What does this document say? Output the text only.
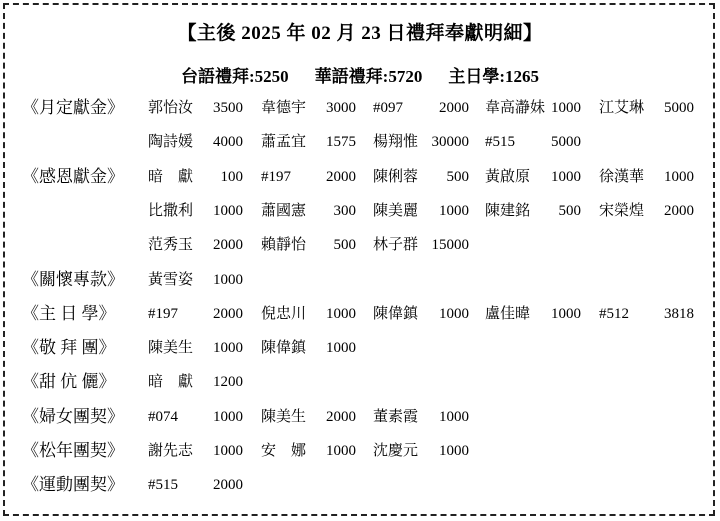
【主後 2025 年 02 月 23 日禮拜奉獻明細】
台語禮拜:5250 華語禮拜:5720 主日學:1265
《月定獻金》 郭怡汝	3500 韋德宇	3000 #097	2000 韋高瀞妹 1000 江艾琳	5000
陶詩媛	4000 蕭孟宜	1575 楊翔惟 30000 #515	5000
《感恩獻金》 暗　獻	100 #197	2000 陳俐蓉	500 黃啟原	1000 徐漢華	1000
比撒利	1000 蕭國憲	300 陳美麗	1000 陳建銘	500 宋榮煌	2000
范秀玉	2000 賴靜怡	500 林子群 15000
《關懷專款》 黃雪姿	1000
《主 日 學》 #197	2000 倪忠川	1000 陳偉鎮	1000 盧佳暐	1000 #512	3818
《敬 拜 團》 陳美生	1000 陳偉鎮	1000
《甜 伉 儷》 暗　獻	1200
《婦女團契》 #074	1000 陳美生	2000 董素霞	1000
《松年團契》 謝先志	1000 安　娜	1000 沈慶元	1000
《運動團契》 #515	2000
